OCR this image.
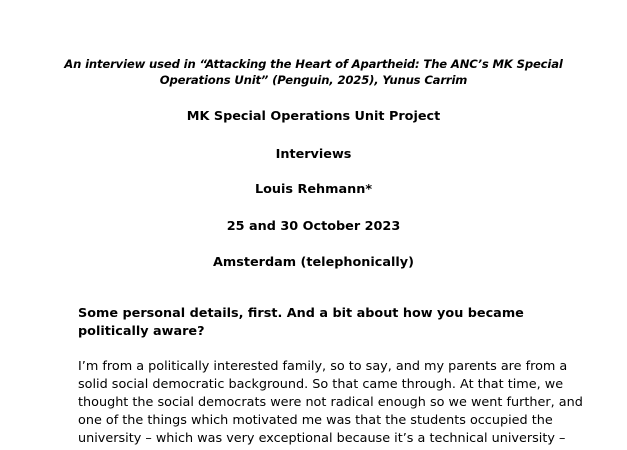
An interview used in “Attacking the Heart of Apartheid: The ANC’s MK Special
Operations Unit” (Penguin, 2025), Yunus Carrim
MK Special Operations Unit Project
Interviews
Louis Rehmann*
25 and 30 October 2023
Amsterdam (telephonically)
Some personal details, first. And a bit about how you became
politically aware?
I’m from a politically interested family, so to say, and my parents are from a
solid social democratic background. So that came through. At that time, we
thought the social democrats were not radical enough so we went further, and
one of the things which motivated me was that the students occupied the
university – which was very exceptional because it’s a technical university –
